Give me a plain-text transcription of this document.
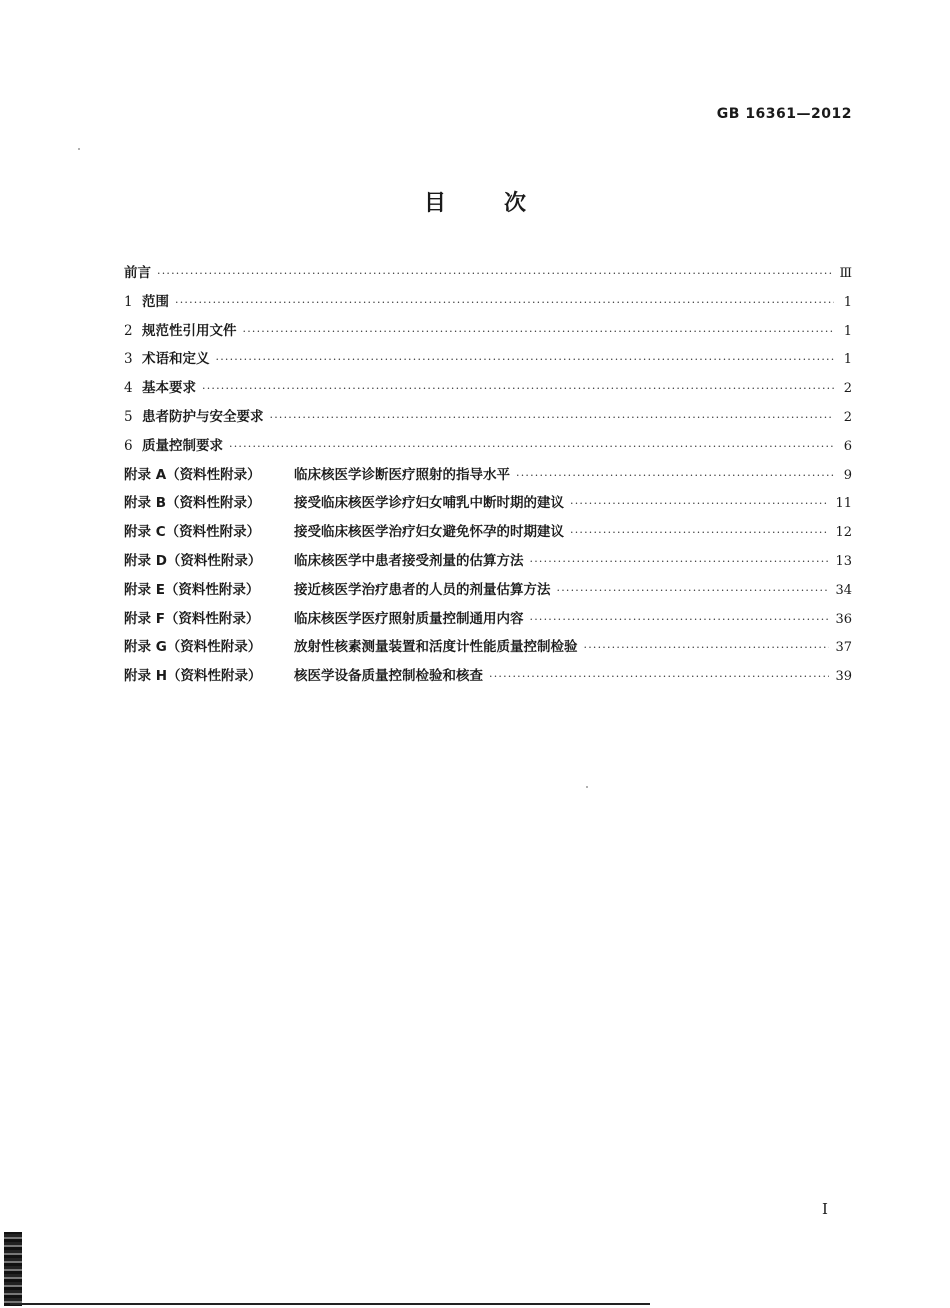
GB 16361—2012
目次
前言 ·····	Ⅲ
1 范围 ·····	1
2 规范性引用文件 ·····	1
3 术语和定义 ·····	1
4 基本要求 ·····	2
5 患者防护与安全要求 ·····	2
6 质量控制要求 ·····	6
附录 A（资料性附录） 临床核医学诊断医疗照射的指导水平 ·····	9
附录 B（资料性附录） 接受临床核医学诊疗妇女哺乳中断时期的建议 ·····	11
附录 C（资料性附录）	接受临床核医学治疗妇女避免怀孕的时期建议 ·····	12
附录 D（资料性附录） 临床核医学中患者接受剂量的估算方法 ·····	13
附录 E（资料性附录）	接近核医学治疗患者的人员的剂量估算方法 ·····	34
附录 F（资料性附录）	临床核医学医疗照射质量控制通用内容 ·····	36
附录 G（资料性附录） 放射性核素测量装置和活度计性能质量控制检验 ·····	37
附录 H（资料性附录） 核医学设备质量控制检验和核查 ·····	39
I
